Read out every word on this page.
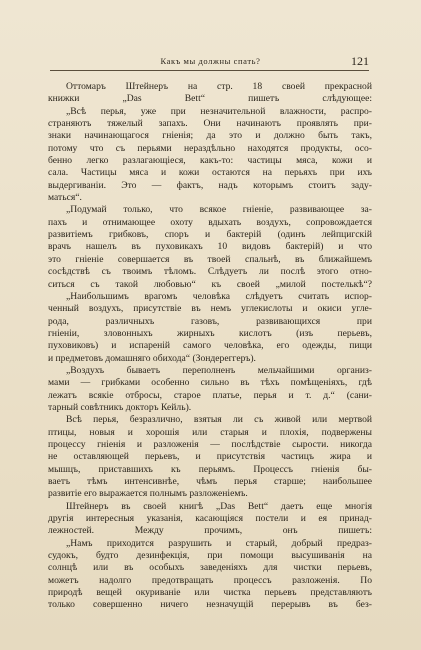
Какъ мы должны спать?	121
Оттомаръ Штейнеръ на стр. 18 своей прекрасной
книжки „Das Bett“ пишетъ слѣдующее:
„Всѣ перья, уже при незначительной влажности, распро-
страняютъ тяжелый запахъ. Они начинаютъ проявлять при-
знаки начинающагося гніенія; да это и должно быть такъ,
потому что съ перьями нераздѣльно находятся продукты, осо-
бенно легко разлагающіеся, какъ-то: частицы мяса, кожи и
сала. Частицы мяса и кожи остаются на перьяхъ при ихъ
выдергиваніи. Это — фактъ, надъ которымъ стоитъ заду-
маться“.
„Подумай только, что всякое гніеніе, развивающее за-
пахъ и отнимающее охоту вдыхать воздухъ, сопровождается
развитіемъ грибковъ, споръ и бактерій (одинъ лейпцигскій
врачъ нашелъ въ пуховикахъ 10 видовъ бактерій) и что
это гніеніе совершается въ твоей спальнѣ, въ ближайшемъ
сосѣдствѣ съ твоимъ тѣломъ. Слѣдуетъ ли послѣ этого отно-
ситься съ такой любовью“ къ своей „милой постелькѣ“?
„Наибольшимъ врагомъ человѣка слѣдуетъ считать испор-
ченный воздухъ, присутствіе въ немъ углекислоты и окиси угле-
рода, различныхъ газовъ, развивающихся при
гніеніи, зловонныхъ жирныхъ кислотъ (изъ перьевъ,
пуховиковъ) и испареній самого человѣка, его одежды, пищи
и предметовъ домашняго обихода“ (Зондереггеръ).
„Воздухъ бываетъ переполненъ мельчайшими организ-
мами — грибками особенно сильно въ тѣхъ помѣщеніяхъ, гдѣ
лежатъ всякіе отбросы, старое платье, перья и т. д.“ (сани-
тарный совѣтникъ докторъ Кейль).
Всѣ перья, безразлично, взятыя ли съ живой или мертвой
птицы, новыя и хорошія или старыя и плохія, подвержены
процессу гніенія и разложенія — послѣдствіе сырости. никогда
не оставляющей перьевъ, и присутствія частицъ жира и
мышцъ, приставшихъ къ перьямъ. Процессъ гніенія бы-
ваетъ тѣмъ интенсивнѣе, чѣмъ перья старше; наибольшее
развитіе его выражается полнымъ разложеніемъ.
Штейнеръ въ своей книгѣ „Das Bett“ даетъ еще многія
другія интересныя указанія, касающіяся постели и ея принад-
лежностей. Между прочимъ, онъ пишетъ:
„Намъ приходится разрушить и старый, добрый предраз-
судокъ, будто дезинфекція, при помощи высушиванія на
солнцѣ или въ особыхъ заведеніяхъ для чистки перьевъ,
можетъ надолго предотвращать процессъ разложенія. По
природѣ вещей окуриваніе или чистка перьевъ представляютъ
только совершенно ничего незначущій перерывъ въ без-
